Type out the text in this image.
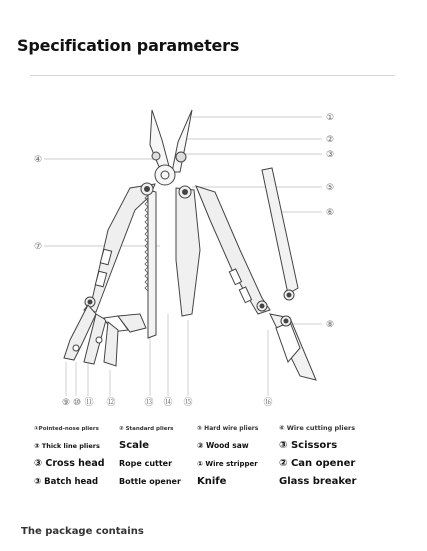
Specification parameters
①
②
③
④
⑤
⑥
⑦
⑧
⑨ ⑩ ⑪ ⑫	⑬ ⑭ ⑮	⑯
①Pointed-nose pliers	② Standard pliers	③ Hard wire pliers	④ Wire cutting pliers
③ Thick line pliers	Scale	③ Wood saw	③ Scissors
③ Cross head	Rope cutter	① Wire stripper	② Can opener
③ Batch head	Bottle opener	Knife	Glass breaker
The package contains
